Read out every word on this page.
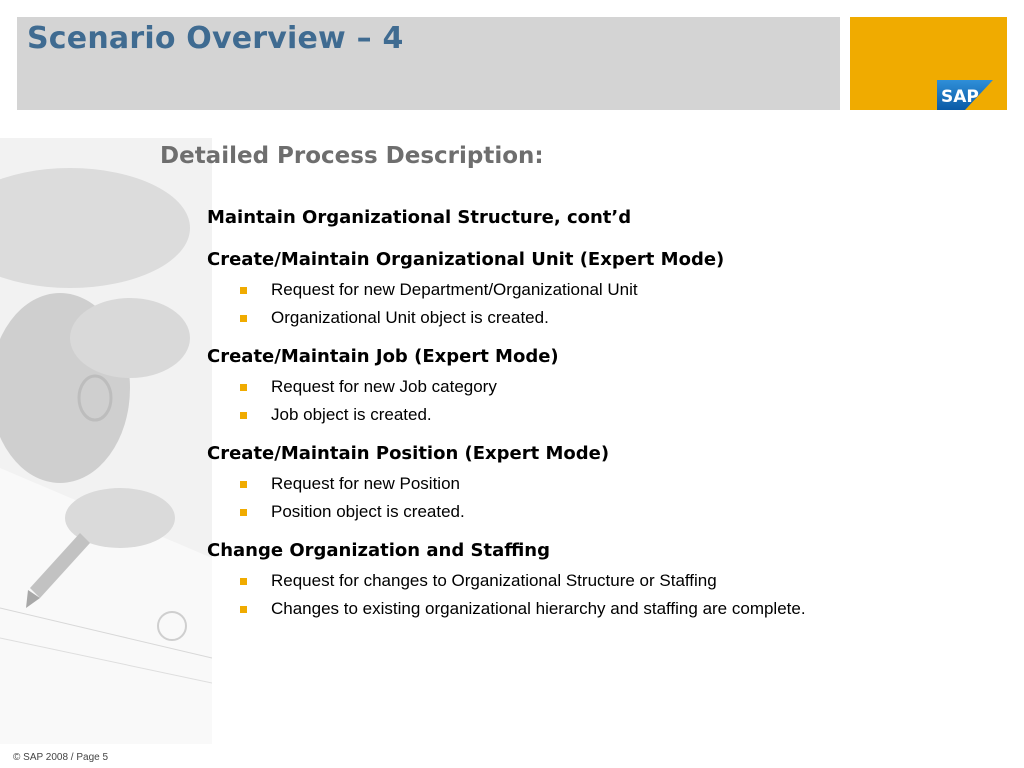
Scenario Overview – 4
SAP
Detailed Process Description:
Maintain Organizational Structure, cont’d
Create/Maintain Organizational Unit (Expert Mode)
Request for new Department/Organizational Unit
Organizational Unit object is created.
Create/Maintain Job (Expert Mode)
Request for new Job category
Job object is created.
Create/Maintain Position (Expert Mode)
Request for new Position
Position object is created.
Change Organization and Staffing
Request for changes to Organizational Structure or Staffing
Changes to existing organizational hierarchy and staffing are complete.
© SAP 2008 / Page 5
